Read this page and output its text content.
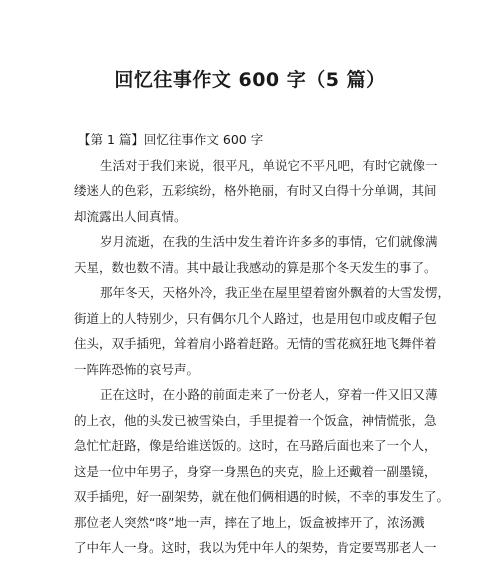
回忆往事作文 600 字（5 篇）

【第 1 篇】回忆往事作文 600 字

生活对于我们来说，很平凡，单说它不平凡吧，有时它就像一
缕迷人的色彩，五彩缤纷，格外艳丽，有时又白得十分单调，其间
却流露出人间真情。

岁月流逝，在我的生活中发生着许许多多的事情，它们就像满
天星，数也数不清。其中最让我感动的算是那个冬天发生的事了。

那年冬天，天格外冷，我正坐在屋里望着窗外飘着的大雪发愣，
街道上的人特别少，只有偶尔几个人路过，也是用包巾或皮帽子包
住头，双手插兜，耸着肩小路着赶路。无情的雪花疯狂地飞舞伴着
一阵阵恐怖的哀号声。

正在这时，在小路的前面走来了一份老人，穿着一件又旧又薄
的上衣，他的头发已被雪染白，手里提着一个饭盒，神情慌张，急
急忙忙赶路，像是给谁送饭的。这时，在马路后面也来了一个人，
这是一位中年男子，身穿一身黑色的夹克，脸上还戴着一副墨镜，
双手插兜，好一副架势，就在他们俩相遇的时候，不幸的事发生了。
那位老人突然“咚”地一声，摔在了地上，饭盒被摔开了，浓汤溅
了中年人一身。这时，我以为凭中年人的架势，肯定要骂那老人一
